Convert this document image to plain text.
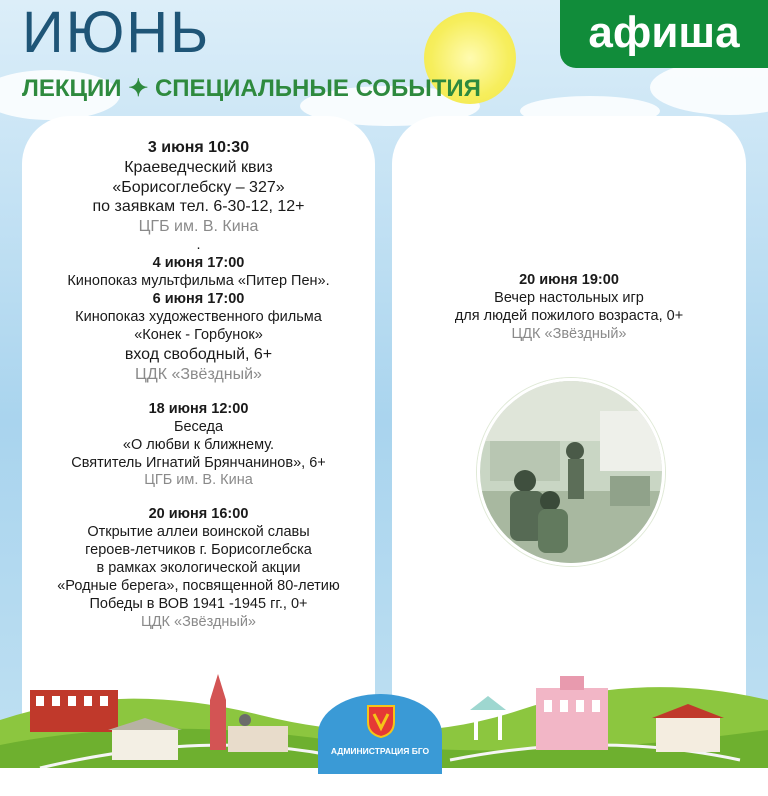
ИЮНЬ
ЛЕКЦИИ ✦ СПЕЦИАЛЬНЫЕ СОБЫТИЯ
афиша
3 июня 10:30
Краеведческий квиз
«Борисоглебску – 327»
по заявкам тел. 6-30-12, 12+
ЦГБ им. В. Кина
.
4 июня 17:00
Кинопоказ мультфильма «Питер Пен».
6 июня 17:00
Кинопоказ художественного фильма
«Конек - Горбунок»
вход свободный, 6+
ЦДК «Звёздный»
18 июня 12:00
Беседа
«О любви к ближнему.
Святитель Игнатий Брянчанинов», 6+
ЦГБ им. В. Кина
20 июня 16:00
Открытие аллеи воинской славы
героев-летчиков г. Борисоглебска
в рамках экологической акции
«Родные берега», посвященной 80-летию
Победы в ВОВ 1941 -1945 гг., 0+
ЦДК «Звёздный»
20 июня 19:00
Вечер настольных игр
для людей пожилого возраста, 0+
ЦДК «Звёздный»
АДМИНИСТРАЦИЯ БГО
